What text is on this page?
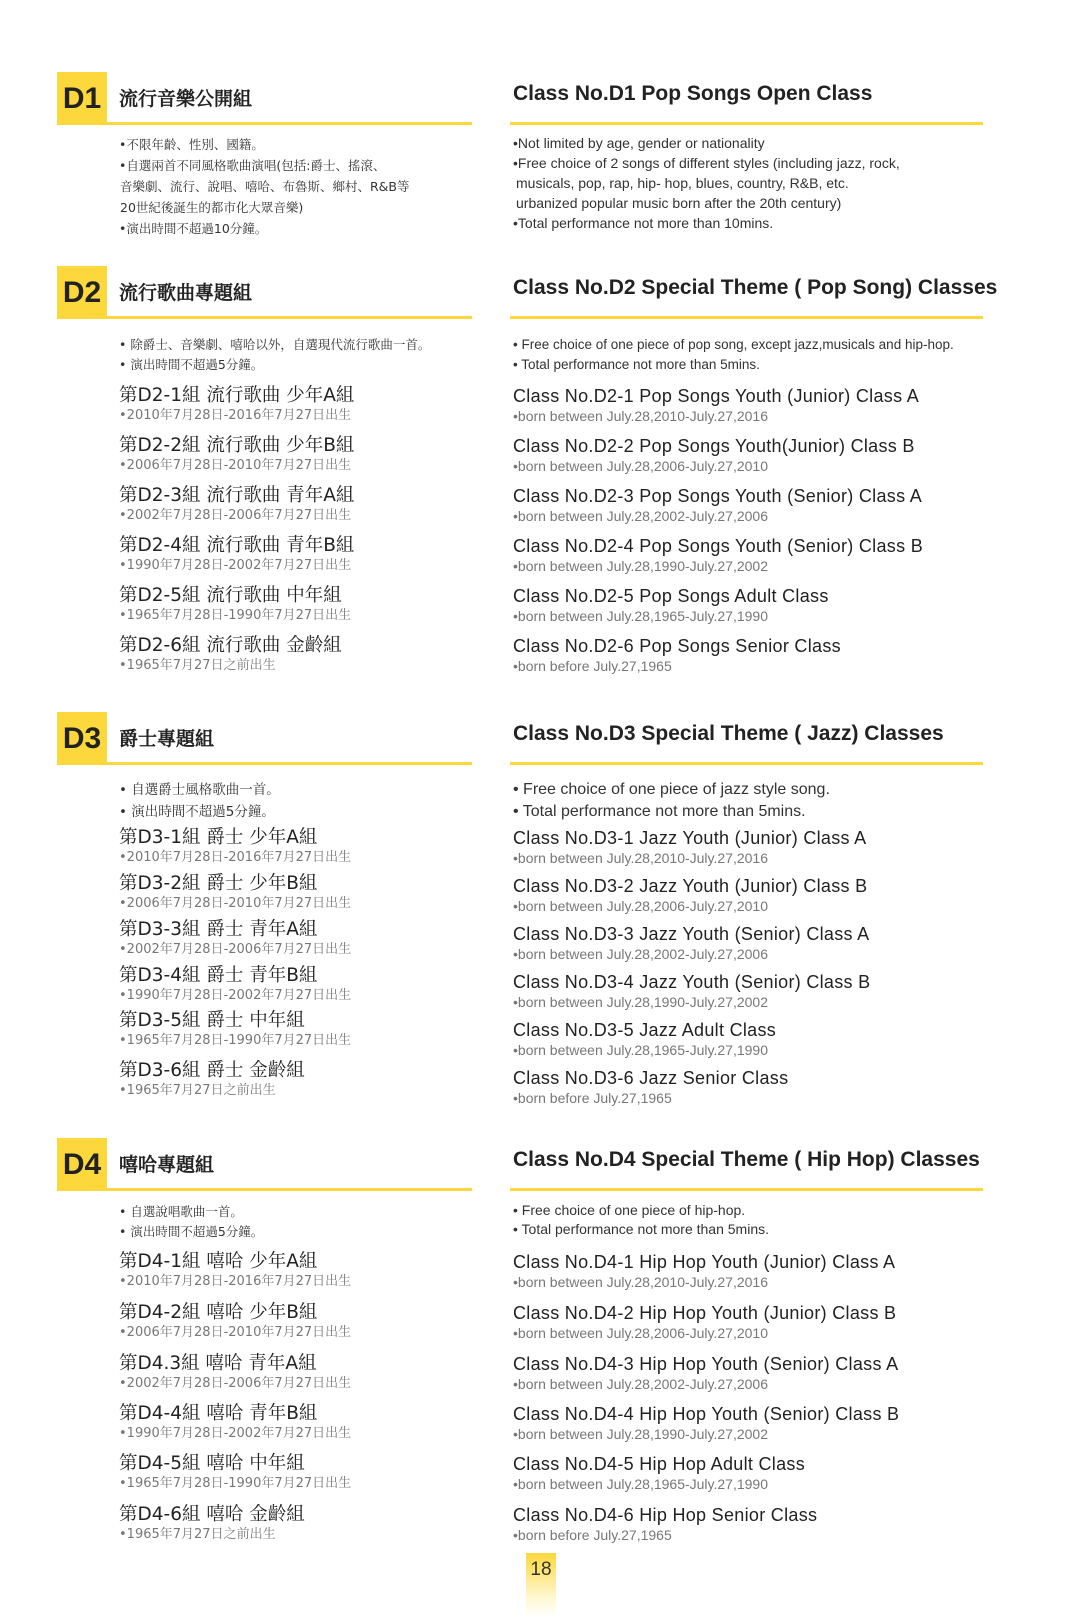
D1 流行音樂公開組	Class No.D1 Pop Songs Open Class
•不限年齡、性別、國籍。
•自選兩首不同風格歌曲演唱(包括:爵士、搖滾、
音樂劇、流行、說唱、嘻哈、布魯斯、鄉村、R&B等
20世紀後誕生的都市化大眾音樂)
•演出時間不超過10分鐘。
•Not limited by age, gender or nationality
•Free choice of 2 songs of different styles (including jazz, rock,
musicals, pop, rap, hip- hop, blues, country, R&B, etc.
urbanized popular music born after the 20th century)
•Total performance not more than 10mins.
D2 流行歌曲專題組	Class No.D2 Special Theme ( Pop Song) Classes
• 除爵士、音樂劇、嘻哈以外，自選現代流行歌曲一首。
• 演出時間不超過5分鐘。
• Free choice of one piece of pop song, except jazz,musicals and hip-hop.
• Total performance not more than 5mins.
第D2-1組 流行歌曲 少年A組
•2010年7月28日-2016年7月27日出生
第D2-2組 流行歌曲 少年B組
•2006年7月28日-2010年7月27日出生
第D2-3組 流行歌曲 青年A組
•2002年7月28日-2006年7月27日出生
第D2-4組 流行歌曲 青年B組
•1990年7月28日-2002年7月27日出生
第D2-5組 流行歌曲 中年組
•1965年7月28日-1990年7月27日出生
第D2-6組 流行歌曲 金齡組
•1965年7月27日之前出生
Class No.D2-1 Pop Songs Youth (Junior) Class A
•born between July.28,2010-July.27,2016
Class No.D2-2 Pop Songs Youth(Junior) Class B
•born between July.28,2006-July.27,2010
Class No.D2-3 Pop Songs Youth (Senior) Class A
•born between July.28,2002-July.27,2006
Class No.D2-4 Pop Songs Youth (Senior) Class B
•born between July.28,1990-July.27,2002
Class No.D2-5 Pop Songs Adult Class
•born between July.28,1965-July.27,1990
Class No.D2-6 Pop Songs Senior Class
•born before July.27,1965
D3 爵士專題組	Class No.D3 Special Theme ( Jazz) Classes
• 自選爵士風格歌曲一首。
• 演出時間不超過5分鐘。
• Free choice of one piece of jazz style song.
• Total performance not more than 5mins.
第D3-1組 爵士 少年A組
•2010年7月28日-2016年7月27日出生
第D3-2組 爵士 少年B組
•2006年7月28日-2010年7月27日出生
第D3-3組 爵士 青年A組
•2002年7月28日-2006年7月27日出生
第D3-4組 爵士 青年B組
•1990年7月28日-2002年7月27日出生
第D3-5組 爵士 中年組
•1965年7月28日-1990年7月27日出生
第D3-6組 爵士 金齡組
•1965年7月27日之前出生
Class No.D3-1 Jazz Youth (Junior) Class A
•born between July.28,2010-July.27,2016
Class No.D3-2 Jazz Youth (Junior) Class B
•born between July.28,2006-July.27,2010
Class No.D3-3 Jazz Youth (Senior) Class A
•born between July.28,2002-July.27,2006
Class No.D3-4 Jazz Youth (Senior) Class B
•born between July.28,1990-July.27,2002
Class No.D3-5 Jazz Adult Class
•born between July.28,1965-July.27,1990
Class No.D3-6 Jazz Senior Class
•born before July.27,1965
D4 嘻哈專題組	Class No.D4 Special Theme ( Hip Hop) Classes
• 自選說唱歌曲一首。
• 演出時間不超過5分鐘。
• Free choice of one piece of hip-hop.
• Total performance not more than 5mins.
第D4-1組 嘻哈 少年A組
•2010年7月28日-2016年7月27日出生
第D4-2組 嘻哈 少年B組
•2006年7月28日-2010年7月27日出生
第D4.3組 嘻哈 青年A組
•2002年7月28日-2006年7月27日出生
第D4-4組 嘻哈 青年B組
•1990年7月28日-2002年7月27日出生
第D4-5組 嘻哈 中年組
•1965年7月28日-1990年7月27日出生
第D4-6組 嘻哈 金齡組
•1965年7月27日之前出生
Class No.D4-1 Hip Hop Youth (Junior) Class A
•born between July.28,2010-July.27,2016
Class No.D4-2 Hip Hop Youth (Junior) Class B
•born between July.28,2006-July.27,2010
Class No.D4-3 Hip Hop Youth (Senior) Class A
•born between July.28,2002-July.27,2006
Class No.D4-4 Hip Hop Youth (Senior) Class B
•born between July.28,1990-July.27,2002
Class No.D4-5 Hip Hop Adult Class
•born between July.28,1965-July.27,1990
Class No.D4-6 Hip Hop Senior Class
•born before July.27,1965
18
